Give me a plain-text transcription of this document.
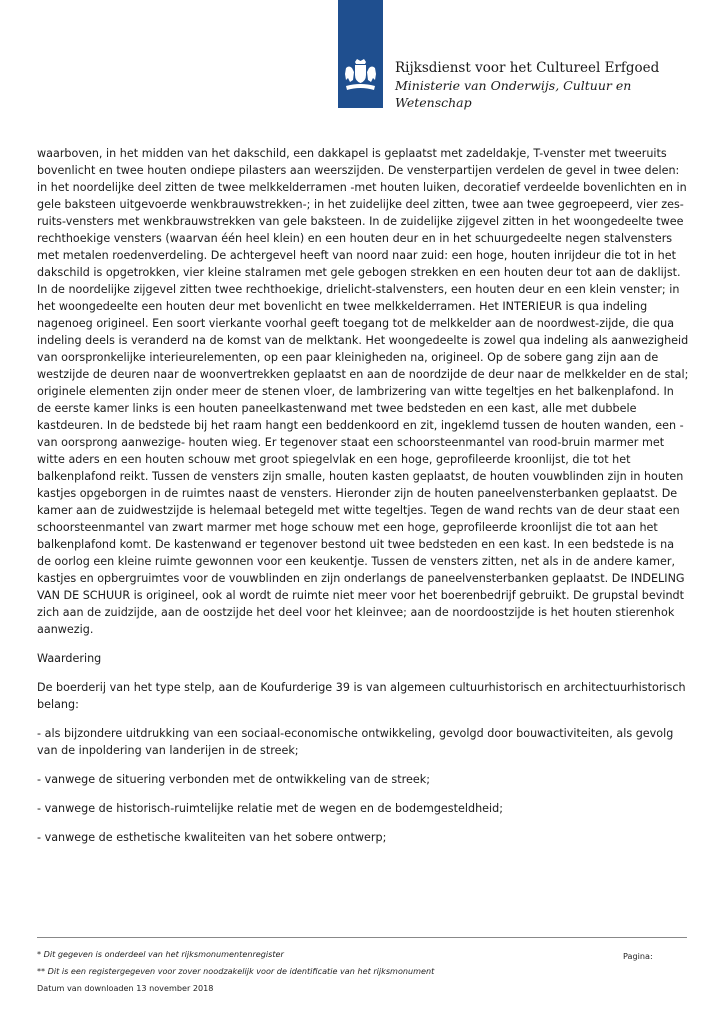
Rijksdienst voor het Cultureel Erfgoed
Ministerie van Onderwijs, Cultuur en
Wetenschap

waarboven, in het midden van het dakschild, een dakkapel is geplaatst met zadeldakje, T-venster met tweeruits bovenlicht en twee houten ondiepe pilasters aan weerszijden. De vensterpartijen verdelen de gevel in twee delen: in het noordelijke deel zitten de twee melkkelderramen -met houten luiken, decoratief verdeelde bovenlichten en in gele baksteen uitgevoerde wenkbrauwstrekken-; in het zuidelijke deel zitten, twee aan twee gegroepeerd, vier zes-ruits-vensters met wenkbrauwstrekken van gele baksteen. In de zuidelijke zijgevel zitten in het woongedeelte twee rechthoekige vensters (waarvan één heel klein) en een houten deur en in het schuurgedeelte negen stalvensters met metalen roedenverdeling. De achtergevel heeft van noord naar zuid: een hoge, houten inrijdeur die tot in het dakschild is opgetrokken, vier kleine stalramen met gele gebogen strekken en een houten deur tot aan de daklijst. In de noordelijke zijgevel zitten twee rechthoekige, drielicht-stalvensters, een houten deur en een klein venster; in het woongedeelte een houten deur met bovenlicht en twee melkkelderramen. Het INTERIEUR is qua indeling nagenoeg origineel. Een soort vierkante voorhal geeft toegang tot de melkkelder aan de noordwest-zijde, die qua indeling deels is veranderd na de komst van de melktank. Het woongedeelte is zowel qua indeling als aanwezigheid van oorspronkelijke interieurelementen, op een paar kleinigheden na, origineel. Op de sobere gang zijn aan de westzijde de deuren naar de woonvertrekken geplaatst en aan de noordzijde de deur naar de melkkelder en de stal; originele elementen zijn onder meer de stenen vloer, de lambrizering van witte tegeltjes en het balkenplafond. In de eerste kamer links is een houten paneelkastenwand met twee bedsteden en een kast, alle met dubbele kastdeuren. In de bedstede bij het raam hangt een beddenkoord en zit, ingeklemd tussen de houten wanden, een -van oorsprong aanwezige- houten wieg. Er tegenover staat een schoorsteenmantel van rood-bruin marmer met witte aders en een houten schouw met groot spiegelvlak en een hoge, geprofileerde kroonlijst, die tot het balkenplafond reikt. Tussen de vensters zijn smalle, houten kasten geplaatst, de houten vouwblinden zijn in houten kastjes opgeborgen in de ruimtes naast de vensters. Hieronder zijn de houten paneelvensterbanken geplaatst. De kamer aan de zuidwestzijde is helemaal betegeld met witte tegeltjes. Tegen de wand rechts van de deur staat een schoorsteenmantel van zwart marmer met hoge schouw met een hoge, geprofileerde kroonlijst die tot aan het balkenplafond komt. De kastenwand er tegenover bestond uit twee bedsteden en een kast. In een bedstede is na de oorlog een kleine ruimte gewonnen voor een keukentje. Tussen de vensters zitten, net als in de andere kamer, kastjes en opbergruimtes voor de vouwblinden en zijn onderlangs de paneelvensterbanken geplaatst. De INDELING VAN DE SCHUUR is origineel, ook al wordt de ruimte niet meer voor het boerenbedrijf gebruikt. De grupstal bevindt zich aan de zuidzijde, aan de oostzijde het deel voor het kleinvee; aan de noordoostzijde is het houten stierenhok aanwezig.

Waardering

De boerderij van het type stelp, aan de Koufurderige 39 is van algemeen cultuurhistorisch en architectuurhistorisch belang:

- als bijzondere uitdrukking van een sociaal-economische ontwikkeling, gevolgd door bouwactiviteiten, als gevolg van de inpoldering van landerijen in de streek;

- vanwege de situering verbonden met de ontwikkeling van de streek;

- vanwege de historisch-ruimtelijke relatie met de wegen en de bodemgesteldheid;

- vanwege de esthetische kwaliteiten van het sobere ontwerp;

* Dit gegeven is onderdeel van het rijksmonumentenregister	Pagina:
** Dit is een registergegeven voor zover noodzakelijk voor de identificatie van het rijksmonument
Datum van downloaden 13 november 2018
